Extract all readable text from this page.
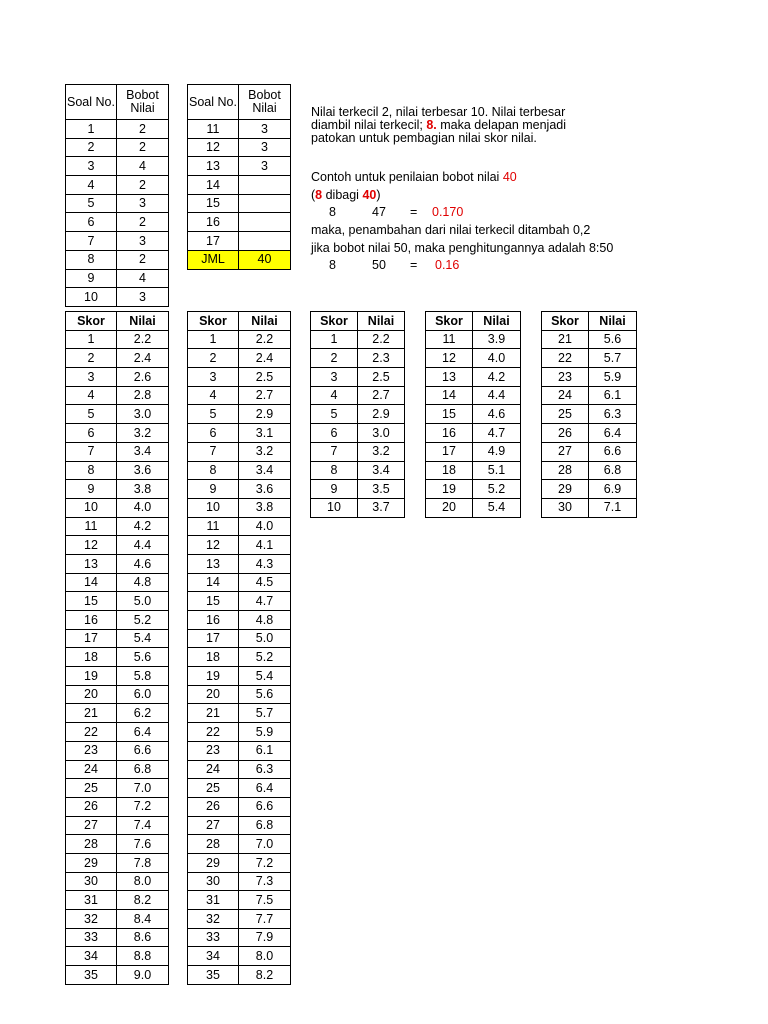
Soal No.	Bobot Nilai
1	2
2	2
3	4
4	2
5	3
6	2
7	3
8	2
9	4
10	3
Soal No.	Bobot Nilai
11	3
12	3
13	3
14	
15	
16	
17	
JML	40
Nilai terkecil 2, nilai terbesar 10. Nilai terbesar
diambil nilai terkecil; 8. maka delapan menjadi
patokan untuk pembagian nilai skor nilai.
Contoh untuk penilaian bobot nilai 40
(8 dibagi 40)
8	47 = 0.170
maka, penambahan dari nilai terkecil ditambah 0,2
jika bobot nilai 50, maka penghitungannya adalah 8:50
8	50 = 0.16
Skor	Nilai
1	2.2
2	2.4
3	2.6
4	2.8
5	3.0
6	3.2
7	3.4
8	3.6
9	3.8
10	4.0
11	4.2
12	4.4
13	4.6
14	4.8
15	5.0
16	5.2
17	5.4
18	5.6
19	5.8
20	6.0
21	6.2
22	6.4
23	6.6
24	6.8
25	7.0
26	7.2
27	7.4
28	7.6
29	7.8
30	8.0
31	8.2
32	8.4
33	8.6
34	8.8
35	9.0
Skor	Nilai
1	2.2
2	2.4
3	2.5
4	2.7
5	2.9
6	3.1
7	3.2
8	3.4
9	3.6
10	3.8
11	4.0
12	4.1
13	4.3
14	4.5
15	4.7
16	4.8
17	5.0
18	5.2
19	5.4
20	5.6
21	5.7
22	5.9
23	6.1
24	6.3
25	6.4
26	6.6
27	6.8
28	7.0
29	7.2
30	7.3
31	7.5
32	7.7
33	7.9
34	8.0
35	8.2
Skor	Nilai
1	2.2
2	2.3
3	2.5
4	2.7
5	2.9
6	3.0
7	3.2
8	3.4
9	3.5
10	3.7
Skor	Nilai
11	3.9
12	4.0
13	4.2
14	4.4
15	4.6
16	4.7
17	4.9
18	5.1
19	5.2
20	5.4
Skor	Nilai
21	5.6
22	5.7
23	5.9
24	6.1
25	6.3
26	6.4
27	6.6
28	6.8
29	6.9
30	7.1
